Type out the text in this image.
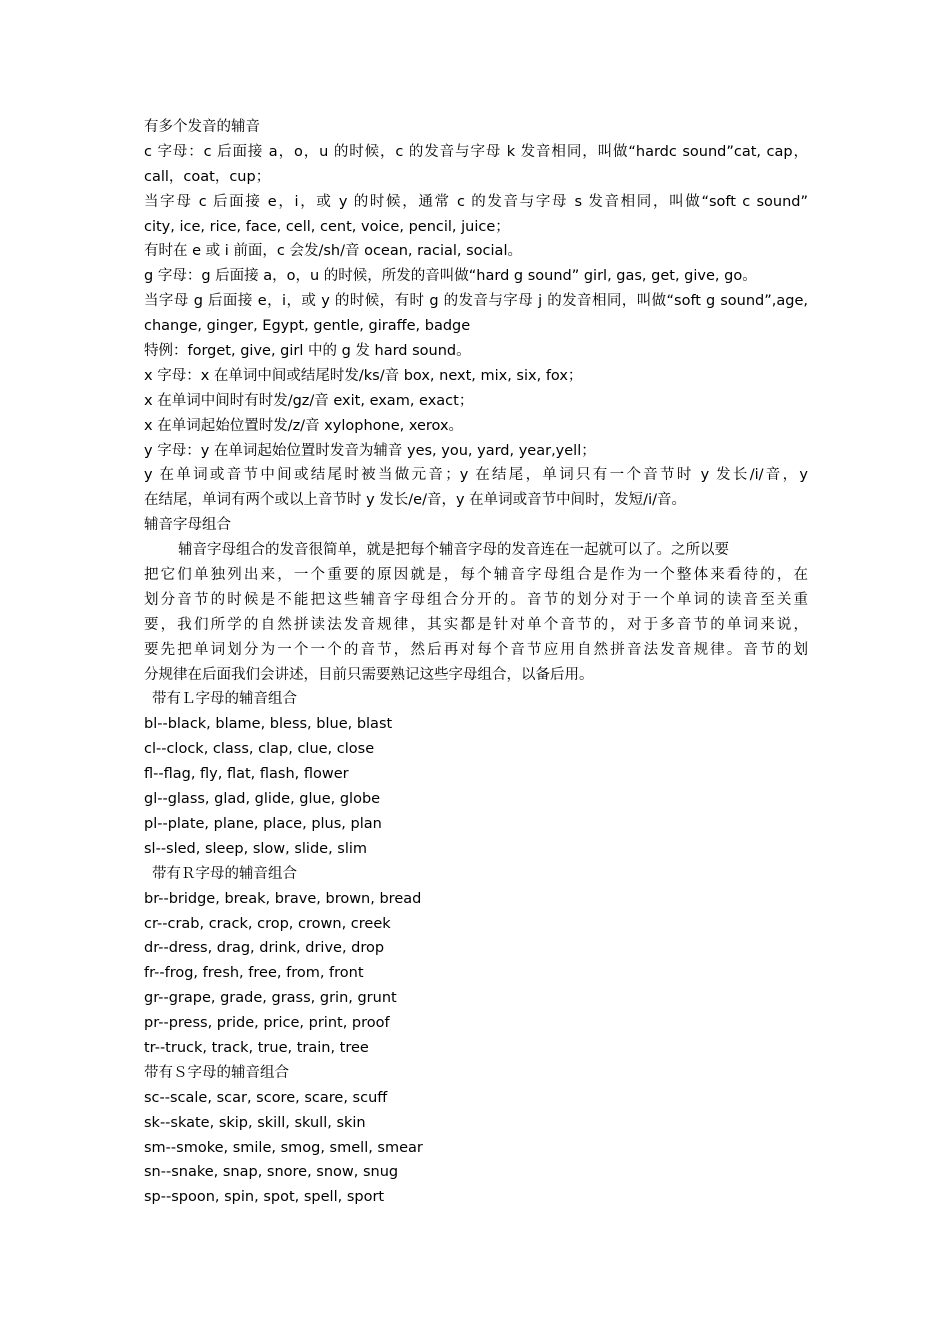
有多个发音的辅音
c 字母：c 后面接 a，o，u 的时候，c 的发音与字母 k 发音相同，叫做“hardc sound”cat, cap，
call，coat，cup；
当字母 c 后面接 e，i，或 y 的时候，通常 c 的发音与字母 s 发音相同，叫做“soft c sound”
city, ice, rice, face, cell, cent, voice, pencil, juice；
有时在 e 或 i 前面，c 会发/sh/音 ocean, racial, social。
g 字母：g 后面接 a，o，u 的时候，所发的音叫做“hard g sound” girl, gas, get, give, go。
当字母 g 后面接 e，i，或 y 的时候，有时 g 的发音与字母 j 的发音相同，叫做“soft g sound”,age,
change, ginger, Egypt, gentle, giraffe, badge
特例：forget, give, girl 中的 g 发 hard sound。
x 字母：x 在单词中间或结尾时发/ks/音 box, next, mix, six, fox；
x 在单词中间时有时发/gz/音 exit, exam, exact；
x 在单词起始位置时发/z/音 xylophone, xerox。
y 字母：y 在单词起始位置时发音为辅音 yes, you, yard, year,yell；
y 在单词或音节中间或结尾时被当做元音；y 在结尾，单词只有一个音节时 y 发长/i/音，y
在结尾，单词有两个或以上音节时 y 发长/e/音，y 在单词或音节中间时，发短/i/音。
辅音字母组合
辅音字母组合的发音很简单，就是把每个辅音字母的发音连在一起就可以了。之所以要
把它们单独列出来，一个重要的原因就是，每个辅音字母组合是作为一个整体来看待的，在
划分音节的时候是不能把这些辅音字母组合分开的。音节的划分对于一个单词的读音至关重
要，我们所学的自然拼读法发音规律，其实都是针对单个音节的，对于多音节的单词来说，
要先把单词划分为一个一个的音节，然后再对每个音节应用自然拼音法发音规律。音节的划
分规律在后面我们会讲述，目前只需要熟记这些字母组合，以备后用。
带有Ｌ字母的辅音组合
bl--black, blame, bless, blue, blast
cl--clock, class, clap, clue, close
fl--flag, fly, flat, flash, flower
gl--glass, glad, glide, glue, globe
pl--plate, plane, place, plus, plan
sl--sled, sleep, slow, slide, slim
带有Ｒ字母的辅音组合
br--bridge, break, brave, brown, bread
cr--crab, crack, crop, crown, creek
dr--dress, drag, drink, drive, drop
fr--frog, fresh, free, from, front
gr--grape, grade, grass, grin, grunt
pr--press, pride, price, print, proof
tr--truck, track, true, train, tree
带有Ｓ字母的辅音组合
sc--scale, scar, score, scare, scuff
sk--skate, skip, skill, skull, skin
sm--smoke, smile, smog, smell, smear
sn--snake, snap, snore, snow, snug
sp--spoon, spin, spot, spell, sport
